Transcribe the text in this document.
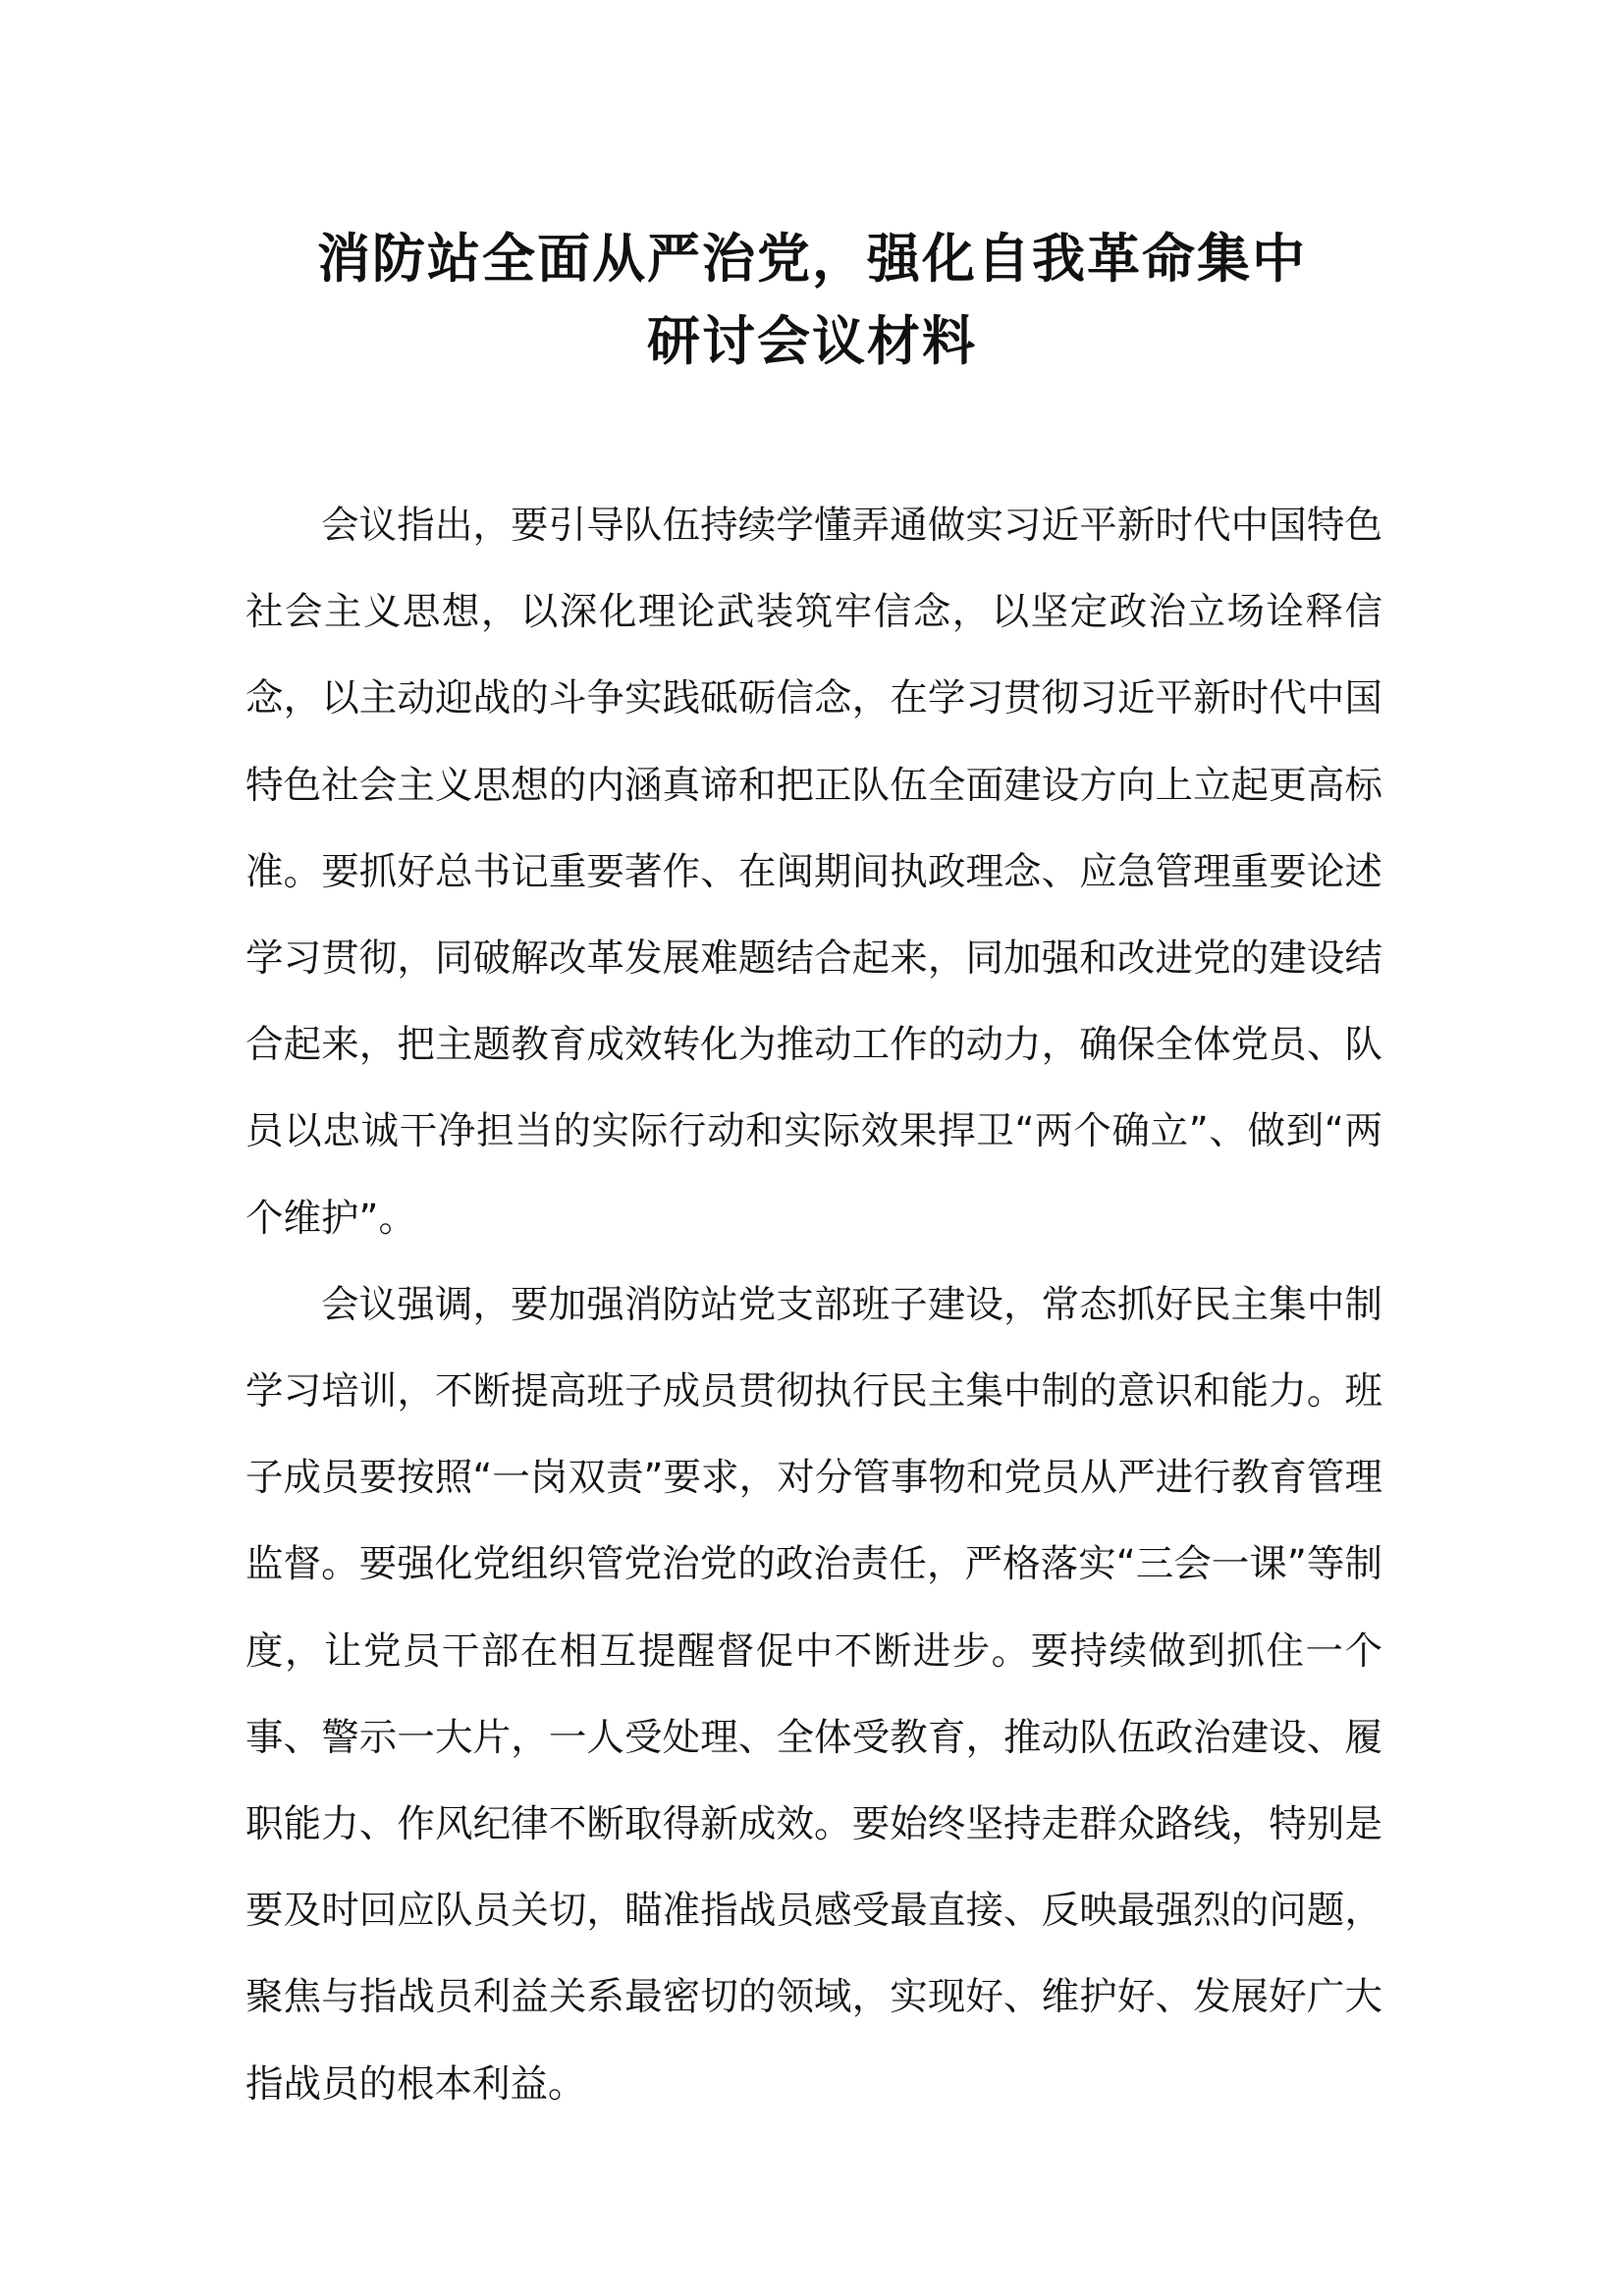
消防站全面从严治党，强化自我革命集中
研讨会议材料

会议指出，要引导队伍持续学懂弄通做实习近平新时代中国特色社会主义思想，以深化理论武装筑牢信念，以坚定政治立场诠释信念，以主动迎战的斗争实践砥砺信念，在学习贯彻习近平新时代中国特色社会主义思想的内涵真谛和把正队伍全面建设方向上立起更高标准。要抓好总书记重要著作、在闽期间执政理念、应急管理重要论述学习贯彻，同破解改革发展难题结合起来，同加强和改进党的建设结合起来，把主题教育成效转化为推动工作的动力，确保全体党员、队员以忠诚干净担当的实际行动和实际效果捍卫“两个确立”、做到“两个维护”。

会议强调，要加强消防站党支部班子建设，常态抓好民主集中制学习培训，不断提高班子成员贯彻执行民主集中制的意识和能力。班子成员要按照“一岗双责”要求，对分管事物和党员从严进行教育管理监督。要强化党组织管党治党的政治责任，严格落实“三会一课”等制度，让党员干部在相互提醒督促中不断进步。要持续做到抓住一个事、警示一大片，一人受处理、全体受教育，推动队伍政治建设、履职能力、作风纪律不断取得新成效。要始终坚持走群众路线，特别是要及时回应队员关切，瞄准指战员感受最直接、反映最强烈的问题，聚焦与指战员利益关系最密切的领域，实现好、维护好、发展好广大指战员的根本利益。
